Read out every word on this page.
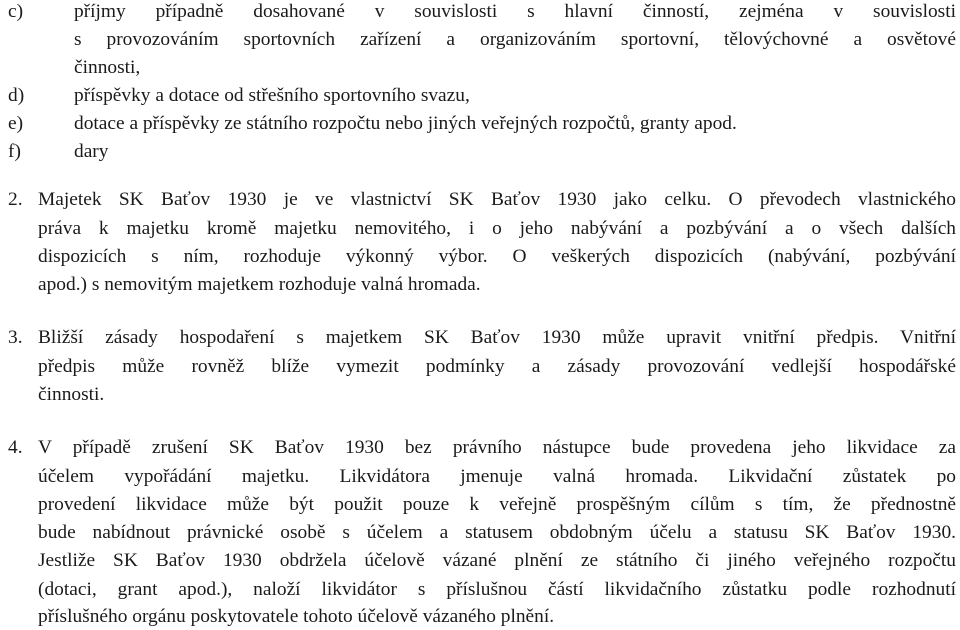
c)	příjmy případně dosahované v souvislosti s hlavní činností, zejména v souvislosti
s provozováním sportovních zařízení a organizováním sportovní, tělovýchovné a osvětové
činnosti,
d)	příspěvky a dotace od střešního sportovního svazu,
e)	dotace a příspěvky ze státního rozpočtu nebo jiných veřejných rozpočtů, granty apod.
f)	dary
2. Majetek SK Baťov 1930 je ve vlastnictví SK Baťov 1930 jako celku. O převodech vlastnického
práva k majetku kromě majetku nemovitého, i o jeho nabývání a pozbývání a o všech dalších
dispozicích s ním, rozhoduje výkonný výbor. O veškerých dispozicích (nabývání, pozbývání
apod.) s nemovitým majetkem rozhoduje valná hromada.
3. Bližší zásady hospodaření s majetkem SK Baťov 1930 může upravit vnitřní předpis. Vnitřní
předpis může rovněž blíže vymezit podmínky a zásady provozování vedlejší hospodářské
činnosti.
4. V případě zrušení SK Baťov 1930 bez právního nástupce bude provedena jeho likvidace za
účelem vypořádání majetku. Likvidátora jmenuje valná hromada. Likvidační zůstatek po
provedení likvidace může být použit pouze k veřejně prospěšným cílům s tím, že přednostně
bude nabídnout právnické osobě s účelem a statusem obdobným účelu a statusu SK Baťov 1930.
Jestliže SK Baťov 1930 obdržela účelově vázané plnění ze státního či jiného veřejného rozpočtu
(dotaci, grant apod.), naloží likvidátor s příslušnou částí likvidačního zůstatku podle rozhodnutí
příslušného orgánu poskytovatele tohoto účelově vázaného plnění.
